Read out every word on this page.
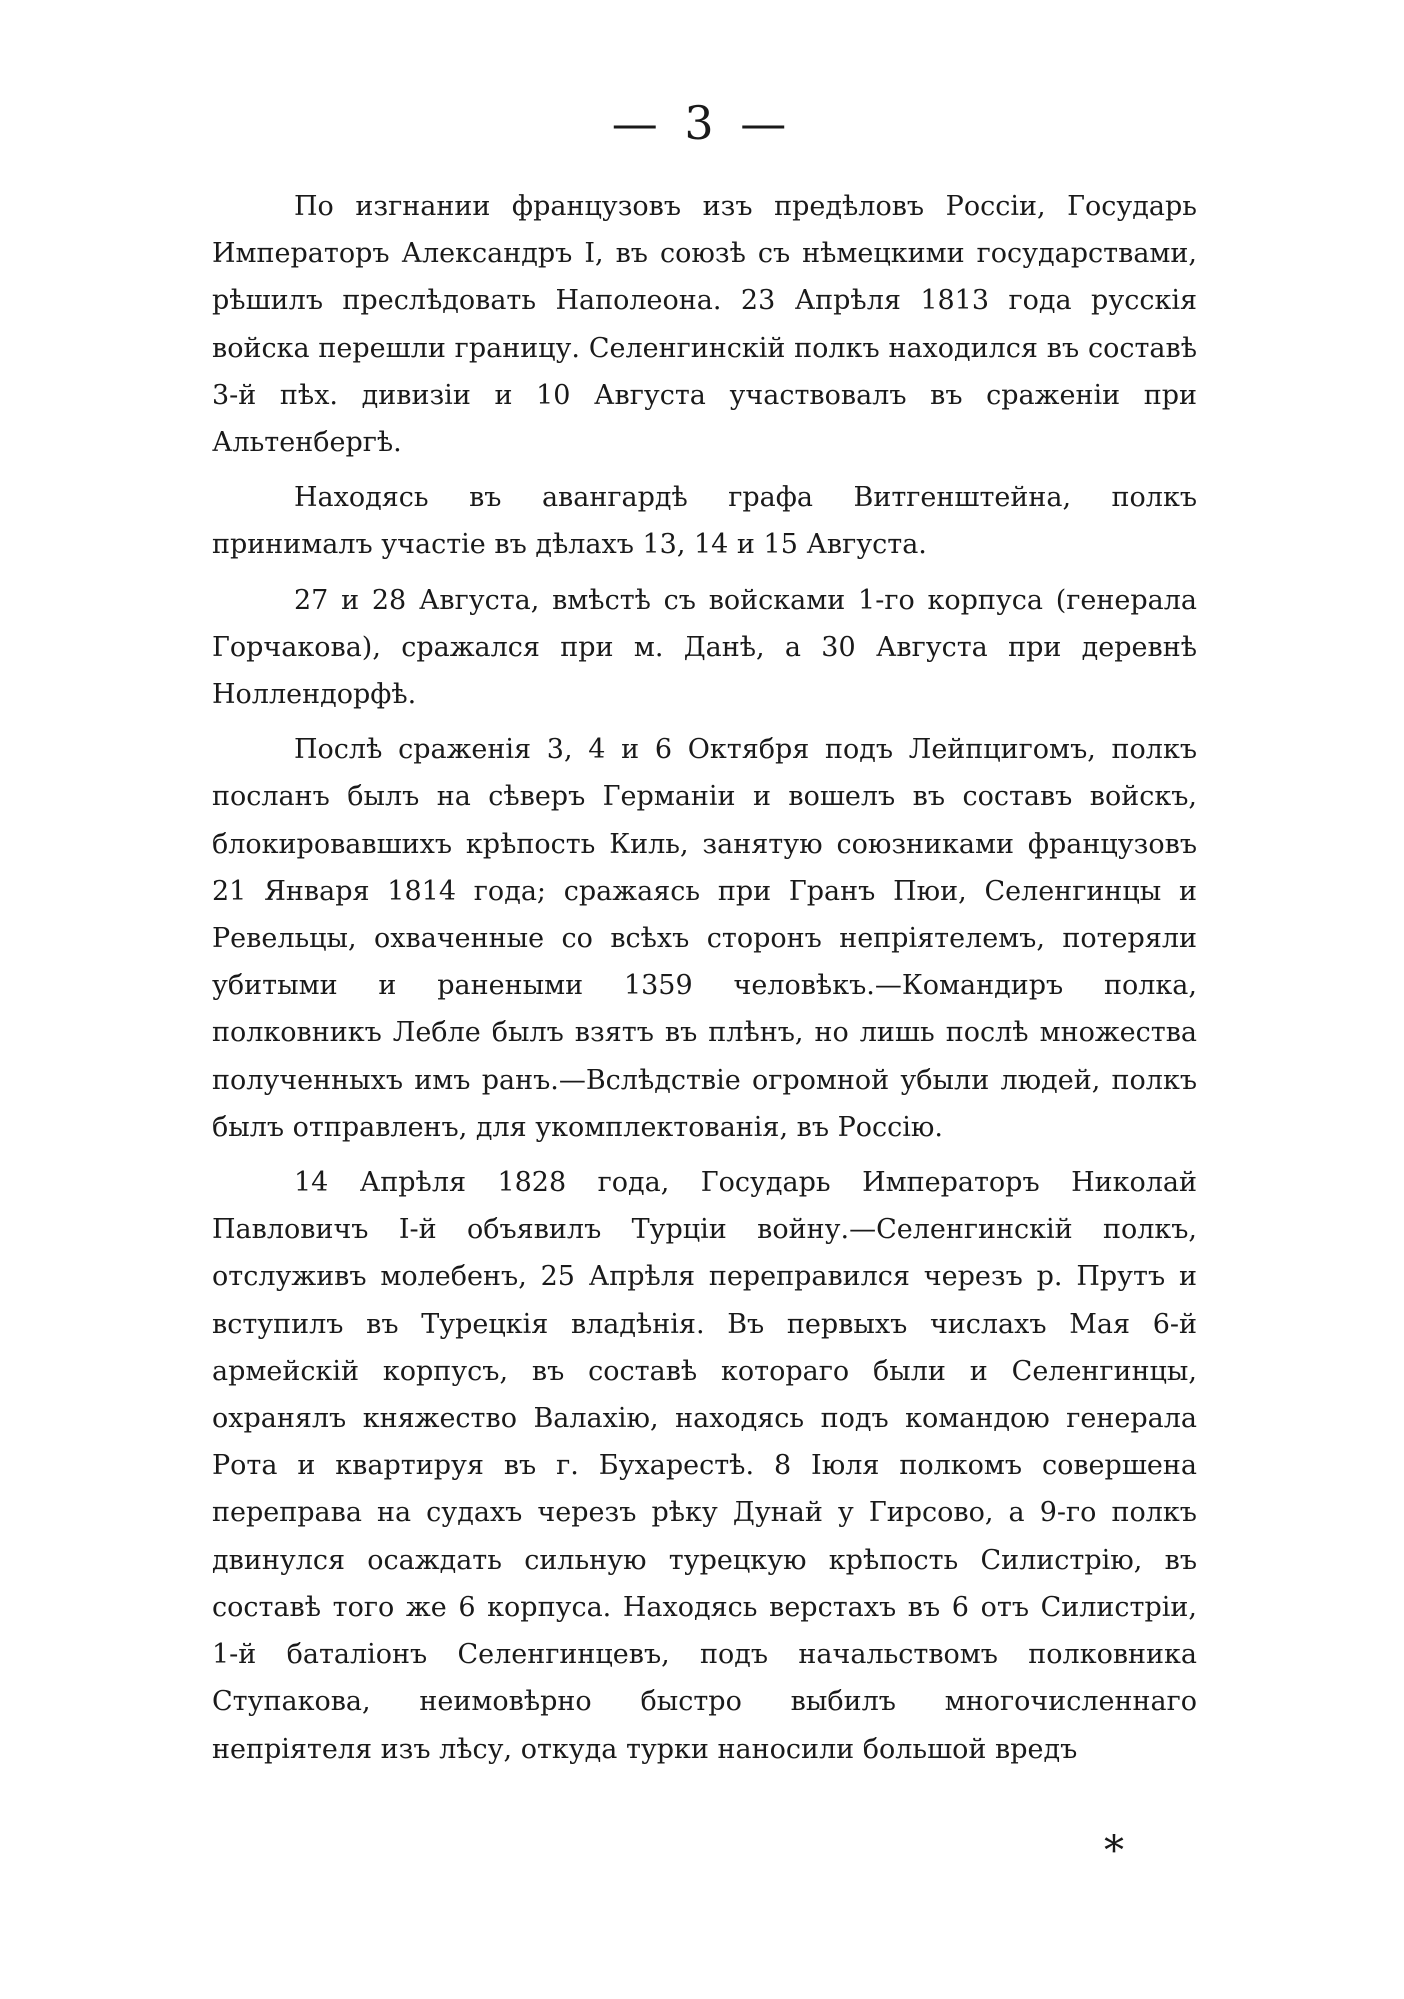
— 3 —

По изгнании французовъ изъ предѣловъ Россіи, Государь Императоръ Александръ I, въ союзѣ съ нѣмецкими государствами, рѣшилъ преслѣдовать Наполеона. 23 Апрѣля 1813 года русскія войска перешли границу. Селенгинскій полкъ находился въ составѣ 3-й пѣх. дивизіи и 10 Августа участвовалъ въ сраженіи при Альтенбергѣ.

Находясь въ авангардѣ графа Витгенштейна, полкъ принималъ участіе въ дѣлахъ 13, 14 и 15 Августа.

27 и 28 Августа, вмѣстѣ съ войсками 1-го корпуса (генерала Горчакова), сражался при м. Данѣ, а 30 Августа при деревнѣ Ноллендорфѣ.

Послѣ сраженія 3, 4 и 6 Октября подъ Лейпцигомъ, полкъ посланъ былъ на сѣверъ Германіи и вошелъ въ составъ войскъ, блокировавшихъ крѣпость Киль, занятую союзниками французовъ 21 Января 1814 года; сражаясь при Гранъ Пюи, Селенгинцы и Ревельцы, охваченные со всѣхъ сторонъ непріятелемъ, потеряли убитыми и ранеными 1359 человѣкъ.—Командиръ полка, полковникъ Лебле былъ взятъ въ плѣнъ, но лишь послѣ множества полученныхъ имъ ранъ.—Вслѣдствіе огромной убыли людей, полкъ былъ отправленъ, для укомплектованія, въ Россію.

14 Апрѣля 1828 года, Государь Императоръ Николай Павловичъ I-й объявилъ Турціи войну.—Селенгинскій полкъ, отслуживъ молебенъ, 25 Апрѣля переправился черезъ р. Прутъ и вступилъ въ Турецкія владѣнія. Въ первыхъ числахъ Мая 6-й армейскій корпусъ, въ составѣ котораго были и Селенгинцы, охранялъ княжество Валахію, находясь подъ командою генерала Рота и квартируя въ г. Бухарестѣ. 8 Іюля полкомъ совершена переправа на судахъ черезъ рѣку Дунай у Гирсово, а 9-го полкъ двинулся осаждать сильную турецкую крѣпость Силистрію, въ составѣ того же 6 корпуса. Находясь верстахъ въ 6 отъ Силистріи, 1-й баталіонъ Селенгинцевъ, подъ начальствомъ полковника Ступакова, неимовѣрно быстро выбилъ многочисленнаго непріятеля изъ лѣсу, откуда турки наносили большой вредъ

*
